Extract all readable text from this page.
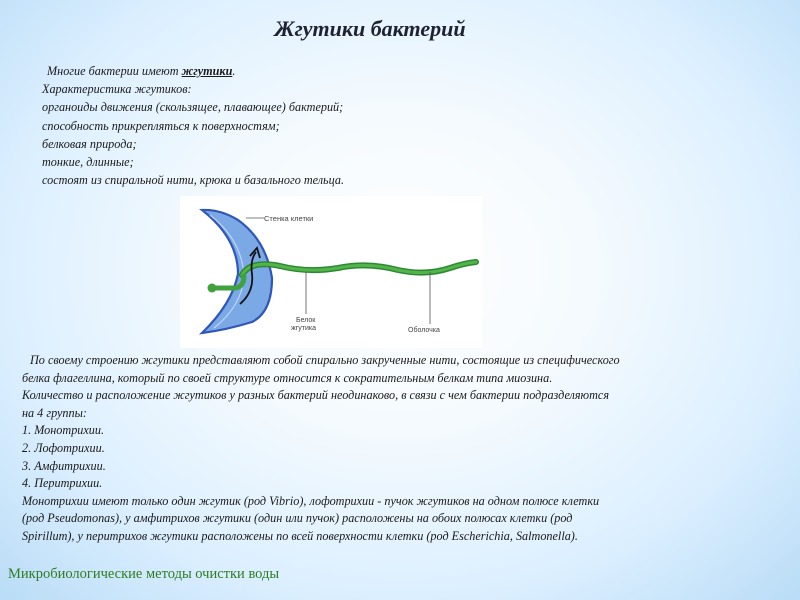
Жгутики бактерий
Многие бактерии имеют жгутики.
Характеристика жгутиков:
органоиды движения (скользящее, плавающее) бактерий;
способность прикрепляться к поверхностям;
белковая природа;
тонкие, длинные;
состоят из спиральной нити, крюка и базального тельца.
Стенка клетки
Белок
жгутика	Оболочка
По своему строению жгутики представляют собой спирально закрученные нити, состоящие из специфического
белка флагеллина, который по своей структуре относится к сократительным белкам типа миозина.
Количество и расположение жгутиков у разных бактерий неодинаково, в связи с чем бактерии подразделяются
на 4 группы:
1. Монотрихии.
2. Лофотрихии.
3. Амфитрихии.
4. Перитрихии.
Монотрихии имеют только один жгутик (род Vibrio), лофотрихии - пучок жгутиков на одном полюсе клетки
(род Pseudomonas), у амфитрихов жгутики (один или пучок) расположены на обоих полюсах клетки (род
Spirillum), у перитрихов жгутики расположены по всей поверхности клетки (род Escherichia, Salmonella).
Микробиологические методы очистки воды
